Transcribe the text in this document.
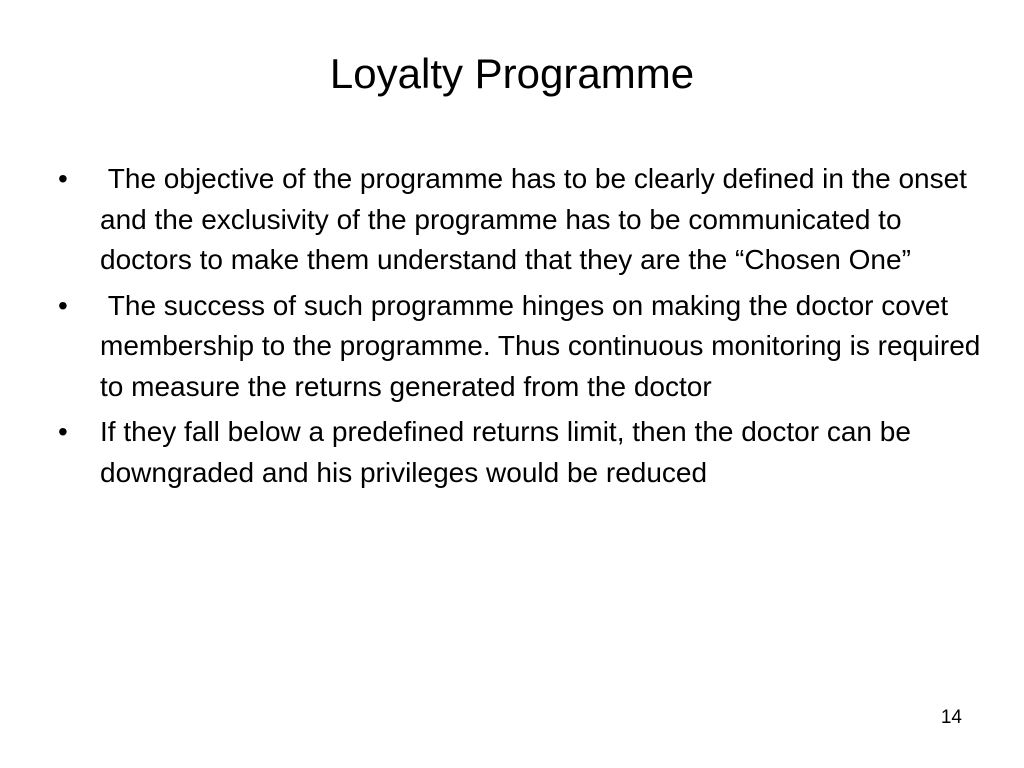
Loyalty Programme
•	The objective of the programme has to be clearly defined in the onset and the exclusivity of the programme has to be communicated to doctors to make them understand that they are the “Chosen One”
•	The success of such programme hinges on making the doctor covet membership to the programme. Thus continuous monitoring is required to measure the returns generated from the doctor
•	If they fall below a predefined returns limit, then the doctor can be downgraded and his privileges would be reduced
14
